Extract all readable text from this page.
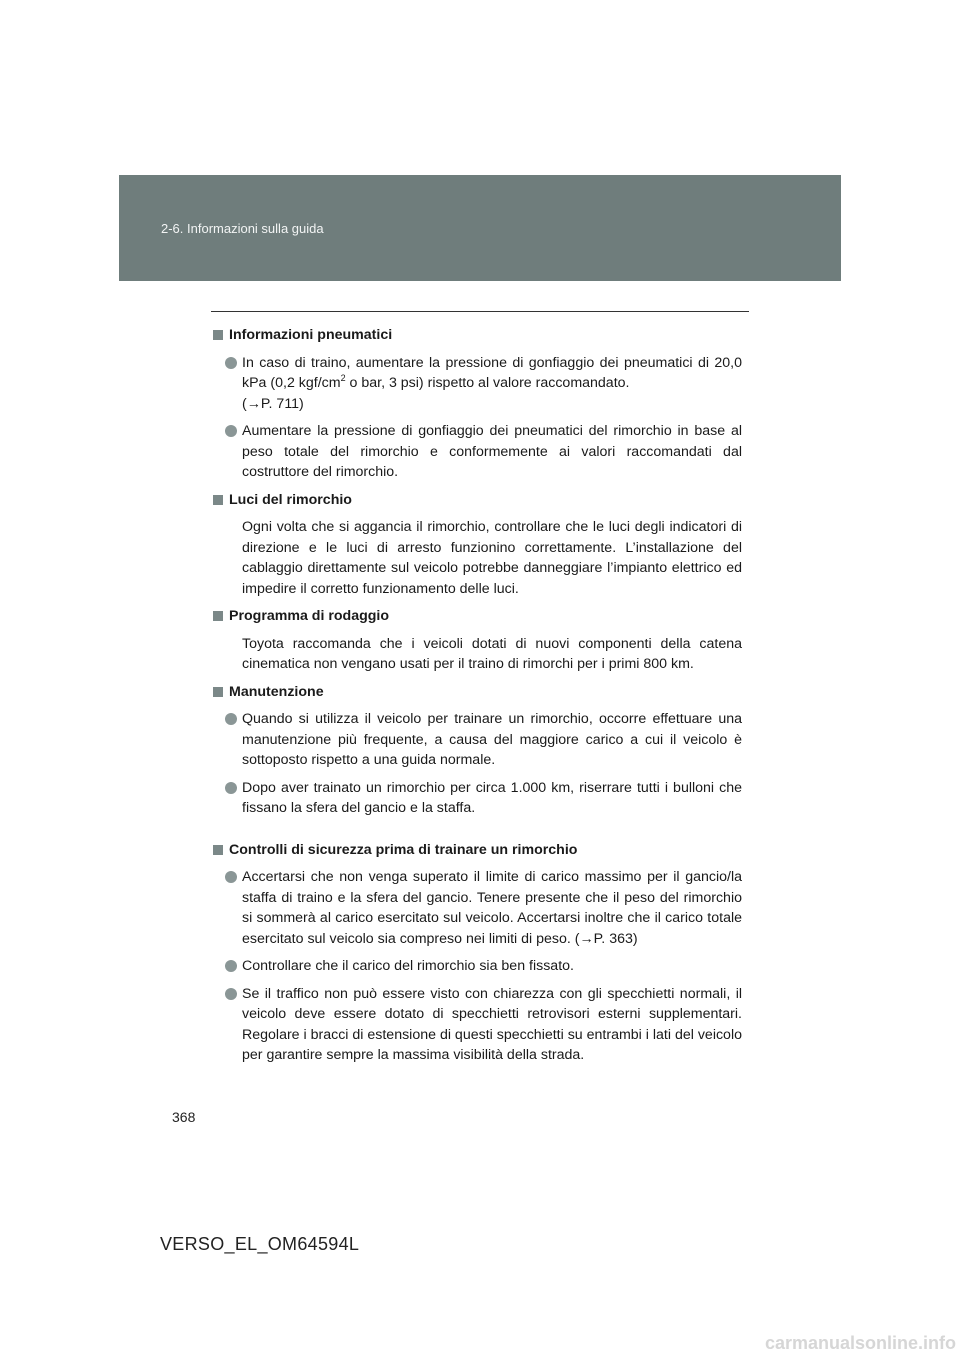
2-6. Informazioni sulla guida
Informazioni pneumatici
In caso di traino, aumentare la pressione di gonfiaggio dei pneumatici di 20,0 kPa (0,2 kgf/$cm^2$ o bar, 3 psi) rispetto al valore raccomandato.
(→P. 711)
Aumentare la pressione di gonfiaggio dei pneumatici del rimorchio in base al peso totale del rimorchio e conformemente ai valori raccomandati dal costruttore del rimorchio.
Luci del rimorchio
Ogni volta che si aggancia il rimorchio, controllare che le luci degli indicatori di direzione e le luci di arresto funzionino correttamente. L’installazione del cablaggio direttamente sul veicolo potrebbe danneggiare l’impianto elettrico ed impedire il corretto funzionamento delle luci.
Programma di rodaggio
Toyota raccomanda che i veicoli dotati di nuovi componenti della catena cinematica non vengano usati per il traino di rimorchi per i primi 800 km.
Manutenzione
Quando si utilizza il veicolo per trainare un rimorchio, occorre effettuare una manutenzione più frequente, a causa del maggiore carico a cui il veicolo è sottoposto rispetto a una guida normale.
Dopo aver trainato un rimorchio per circa 1.000 km, riserrare tutti i bulloni che fissano la sfera del gancio e la staffa.
Controlli di sicurezza prima di trainare un rimorchio
Accertarsi che non venga superato il limite di carico massimo per il gancio/la staffa di traino e la sfera del gancio. Tenere presente che il peso del rimorchio si sommerà al carico esercitato sul veicolo. Accertarsi inoltre che il carico totale esercitato sul veicolo sia compreso nei limiti di peso. (→P. 363)
Controllare che il carico del rimorchio sia ben fissato.
Se il traffico non può essere visto con chiarezza con gli specchietti normali, il veicolo deve essere dotato di specchietti retrovisori esterni supplementari. Regolare i bracci di estensione di questi specchietti su entrambi i lati del veicolo per garantire sempre la massima visibilità della strada.
368
VERSO_EL_OM64594L
carmanualsonline.info
